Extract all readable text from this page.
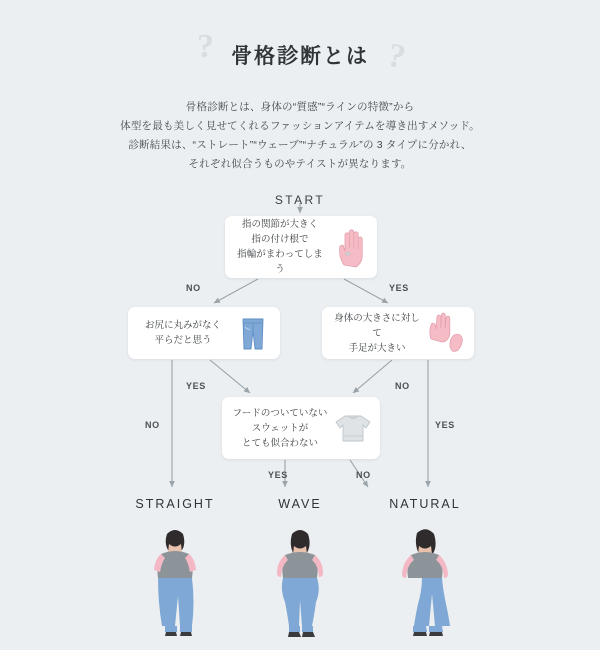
? 骨格診断とは ?
骨格診断とは、身体の“質感”“ラインの特徴”から
体型を最も美しく見せてくれるファッションアイテムを導き出すメソッド。
診断結果は、“ストレート”“ウェーブ”“ナチュラル”の 3 タイプに分かれ、
それぞれ似合うものやテイストが異なります。
START
NO	YES
YES
NO
NO
YES
YES	NO
指の関節が大きく
指の付け根で
指輪がまわってしまう
お尻に丸みがなく
平らだと思う
身体の大きさに対して
手足が大きい
フードのついていない
スウェットが
とても似合わない
STRAIGHT	WAVE	NATURAL
